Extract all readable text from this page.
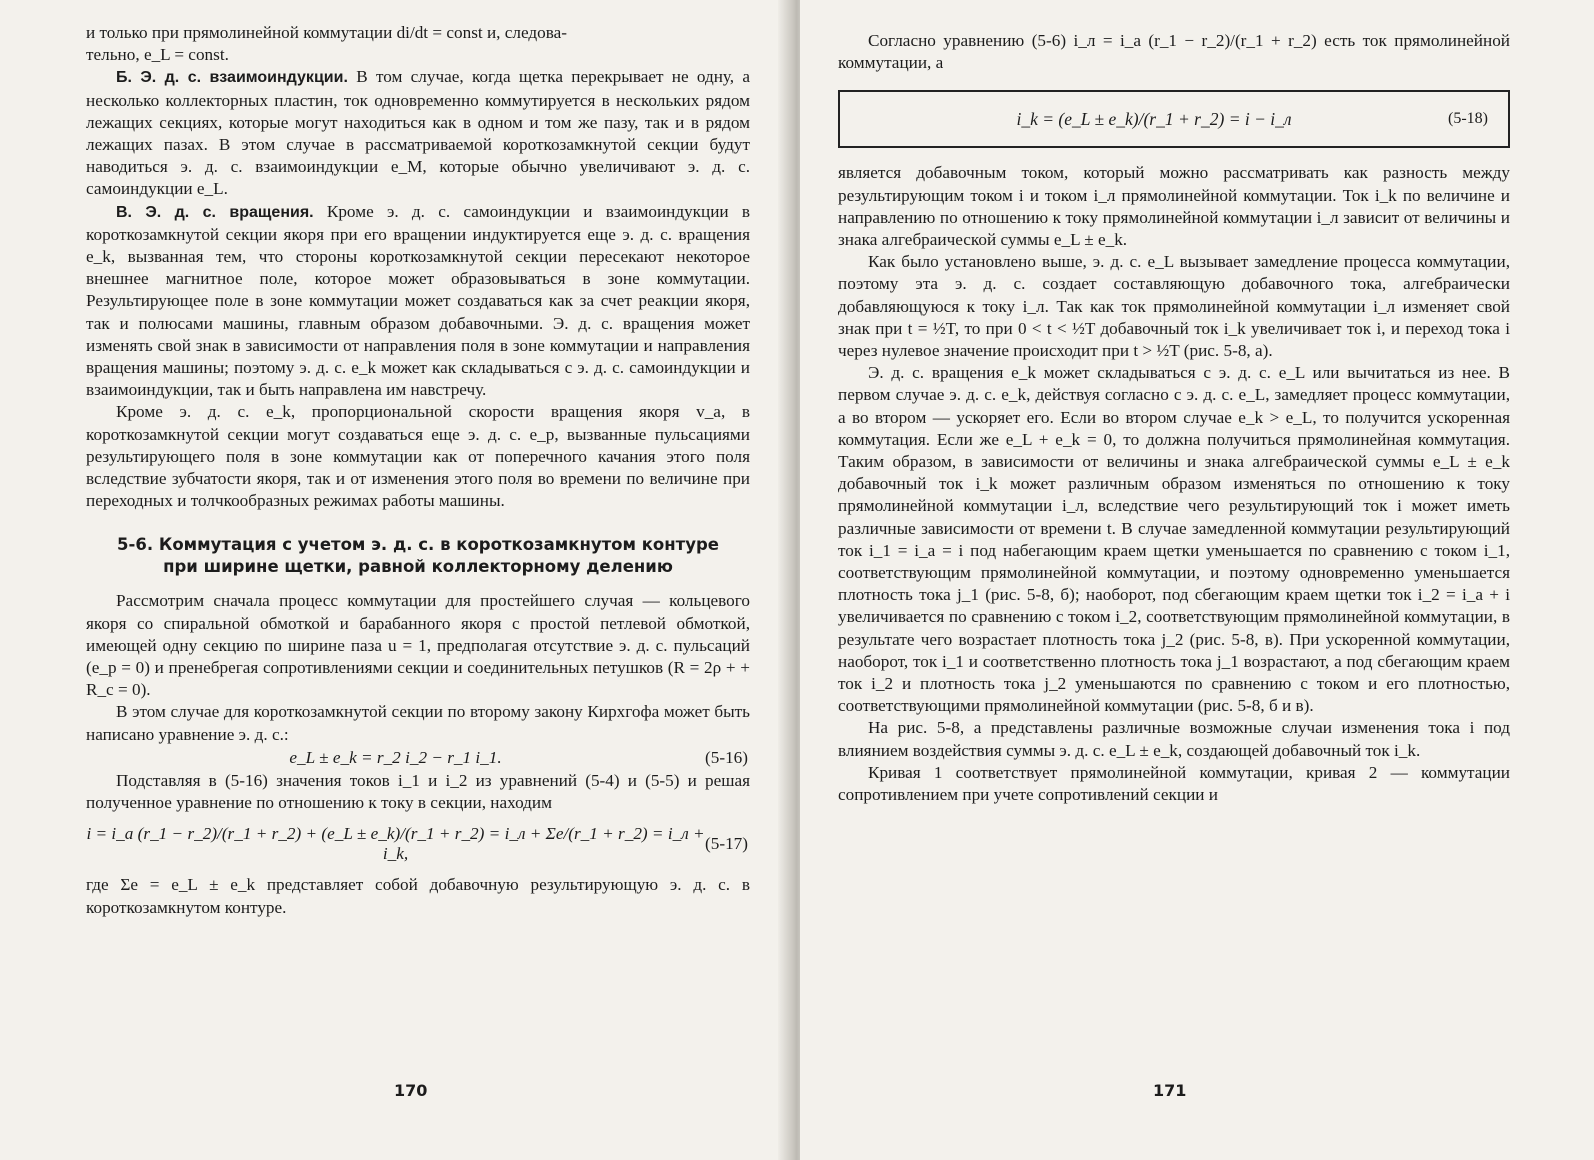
и только при прямолинейной коммутации di/dt = const и, следова-
тельно, e_L = const.

Б. Э. д. с. взаимоиндукции. В том случае, когда щетка перекрывает не одну, а несколько коллекторных пластин, ток одновременно коммутируется в нескольких рядом лежащих секциях, которые могут находиться как в одном и том же пазу, так и в рядом лежащих пазах. В этом случае в рассматриваемой короткозамкнутой секции будут наводиться э. д. с. взаимоиндукции e_M, которые обычно увеличивают э. д. с. самоиндукции e_L.

В. Э. д. с. вращения. Кроме э. д. с. самоиндукции и взаимоиндукции в короткозамкнутой секции якоря при его вращении индуктируется еще э. д. с. вращения e_k, вызванная тем, что стороны короткозамкнутой секции пересекают некоторое внешнее магнитное поле, которое может образовываться в зоне коммутации. Результирующее поле в зоне коммутации может создаваться как за счет реакции якоря, так и полюсами машины, главным образом добавочными. Э. д. с. вращения может изменять свой знак в зависимости от направления поля в зоне коммутации и направления вращения машины; поэтому э. д. с. e_k может как складываться с э. д. с. самоиндукции и взаимоиндукции, так и быть направлена им навстречу.

Кроме э. д. с. e_k, пропорциональной скорости вращения якоря v_a, в короткозамкнутой секции могут создаваться еще э. д. с. e_p, вызванные пульсациями результирующего поля в зоне коммутации как от поперечного качания этого поля вследствие зубчатости якоря, так и от изменения этого поля во времени по величине при переходных и толчкообразных режимах работы машины.

5-6. Коммутация с учетом э. д. с. в короткозамкнутом контуре
при ширине щетки, равной коллекторному делению

Рассмотрим сначала процесс коммутации для простейшего случая — кольцевого якоря со спиральной обмоткой и барабанного якоря с простой петлевой обмоткой, имеющей одну секцию по ширине паза u = 1, предполагая отсутствие э. д. с. пульсаций (e_p = 0) и пренебрегая сопротивлениями секции и соединительных петушков (R = 2ρ + + R_c = 0).

В этом случае для короткозамкнутой секции по второму закону Кирхгофа может быть написано уравнение э. д. с.:

e_L ± e_k = r_2 i_2 − r_1 i_1.	(5-16)

Подставляя в (5-16) значения токов i_1 и i_2 из уравнений (5-4) и (5-5) и решая полученное уравнение по отношению к току в секции, находим

i = i_a (r_1 − r_2)/(r_1 + r_2) + (e_L ± e_k)/(r_1 + r_2) = i_л + Σe/(r_1 + r_2) = i_л + i_k,
(5-17)

где Σe = e_L ± e_k представляет собой добавочную результирующую э. д. с. в короткозамкнутом контуре.

170

Согласно уравнению (5-6) i_л = i_a (r_1 − r_2)/(r_1 + r_2) есть ток прямолинейной коммутации, а

i_k = (e_L ± e_k)/(r_1 + r_2) = i − i_л	(5-18)

является добавочным током, который можно рассматривать как разность между результирующим током i и током i_л прямолинейной коммутации. Ток i_k по величине и направлению по отношению к току прямолинейной коммутации i_л зависит от величины и знака алгебраической суммы e_L ± e_k.

Как было установлено выше, э. д. с. e_L вызывает замедление процесса коммутации, поэтому эта э. д. с. создает составляющую добавочного тока, алгебраически добавляющуюся к току i_л. Так как ток прямолинейной коммутации i_л изменяет свой знак при t = ½T, то при 0 < t < ½T добавочный ток i_k увеличивает ток i, и переход тока i через нулевое значение происходит при t > ½T (рис. 5-8, а).

Э. д. с. вращения e_k может складываться с э. д. с. e_L или вычитаться из нее. В первом случае э. д. с. e_k, действуя согласно с э. д. с. e_L, замедляет процесс коммутации, а во втором — ускоряет его. Если во втором случае e_k > e_L, то получится ускоренная коммутация. Если же e_L + e_k = 0, то должна получиться прямолинейная коммутация. Таким образом, в зависимости от величины и знака алгебраической суммы e_L ± e_k добавочный ток i_k может различным образом изменяться по отношению к току прямолинейной коммутации i_л, вследствие чего результирующий ток i может иметь различные зависимости от времени t. В случае замедленной коммутации результирующий ток i_1 = i_a = i под набегающим краем щетки уменьшается по сравнению с током i_1, соответствующим прямолинейной коммутации, и поэтому одновременно уменьшается плотность тока j_1 (рис. 5-8, б); наоборот, под сбегающим краем щетки ток i_2 = i_a + i увеличивается по сравнению с током i_2, соответствующим прямолинейной коммутации, в результате чего возрастает плотность тока j_2 (рис. 5-8, в). При ускоренной коммутации, наоборот, ток i_1 и соответственно плотность тока j_1 возрастают, а под сбегающим краем ток i_2 и плотность тока j_2 уменьшаются по сравнению с током и его плотностью, соответствующими прямолинейной коммутации (рис. 5-8, б и в).

На рис. 5-8, а представлены различные возможные случаи изменения тока i под влиянием воздействия суммы э. д. с. e_L ± e_k, создающей добавочный ток i_k.

Кривая 1 соответствует прямолинейной коммутации, кривая 2 — коммутации сопротивлением при учете сопротивлений секции и

171
